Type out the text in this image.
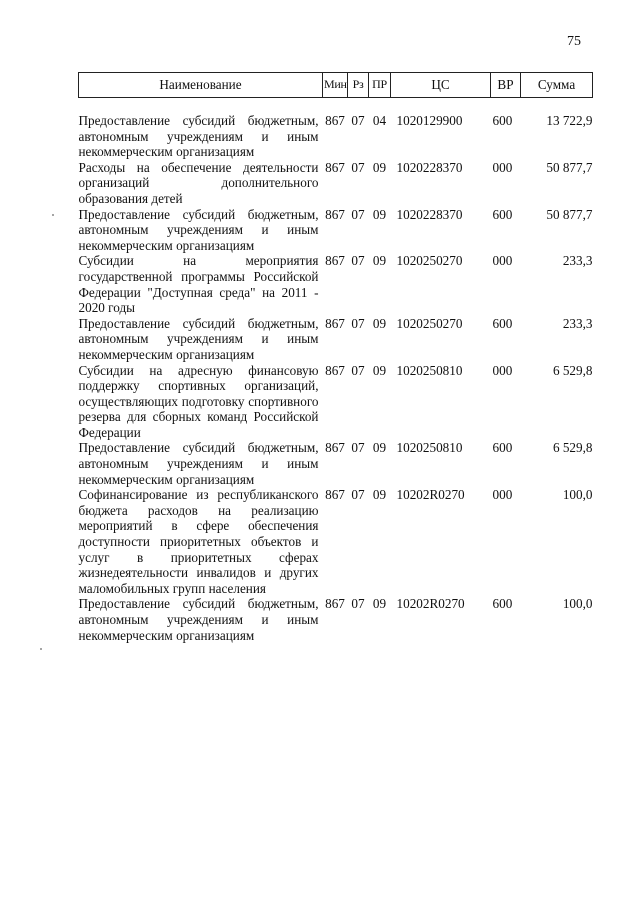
75
Наименование	Мин	Рз	ПР	ЦС	ВР	Сумма

Предоставление субсидий бюджетным, автономным учреждениям и иным некоммерческим организациям	867	07	04	1020129900	600	13 722,9
Расходы на обеспечение деятельности организаций дополнительного образования детей	867	07	09	1020228370	000	50 877,7
Предоставление субсидий бюджетным, автономным учреждениям и иным некоммерческим организациям	867	07	09	1020228370	600	50 877,7
Субсидии на мероприятия государственной программы Российской Федерации "Доступная среда" на 2011 - 2020 годы	867	07	09	1020250270	000	233,3
Предоставление субсидий бюджетным, автономным учреждениям и иным некоммерческим организациям	867	07	09	1020250270	600	233,3
Субсидии на адресную финансовую поддержку спортивных организаций, осуществляющих подготовку спортивного резерва для сборных команд Российской Федерации	867	07	09	1020250810	000	6 529,8
Предоставление субсидий бюджетным, автономным учреждениям и иным некоммерческим организациям	867	07	09	1020250810	600	6 529,8
Софинансирование из республиканского бюджета расходов на реализацию мероприятий в сфере обеспечения доступности приоритетных объектов и услуг в приоритетных сферах жизнедеятельности инвалидов и других маломобильных групп населения	867	07	09	10202R0270	000	100,0
Предоставление субсидий бюджетным, автономным учреждениям и иным некоммерческим организациям	867	07	09	10202R0270	600	100,0
